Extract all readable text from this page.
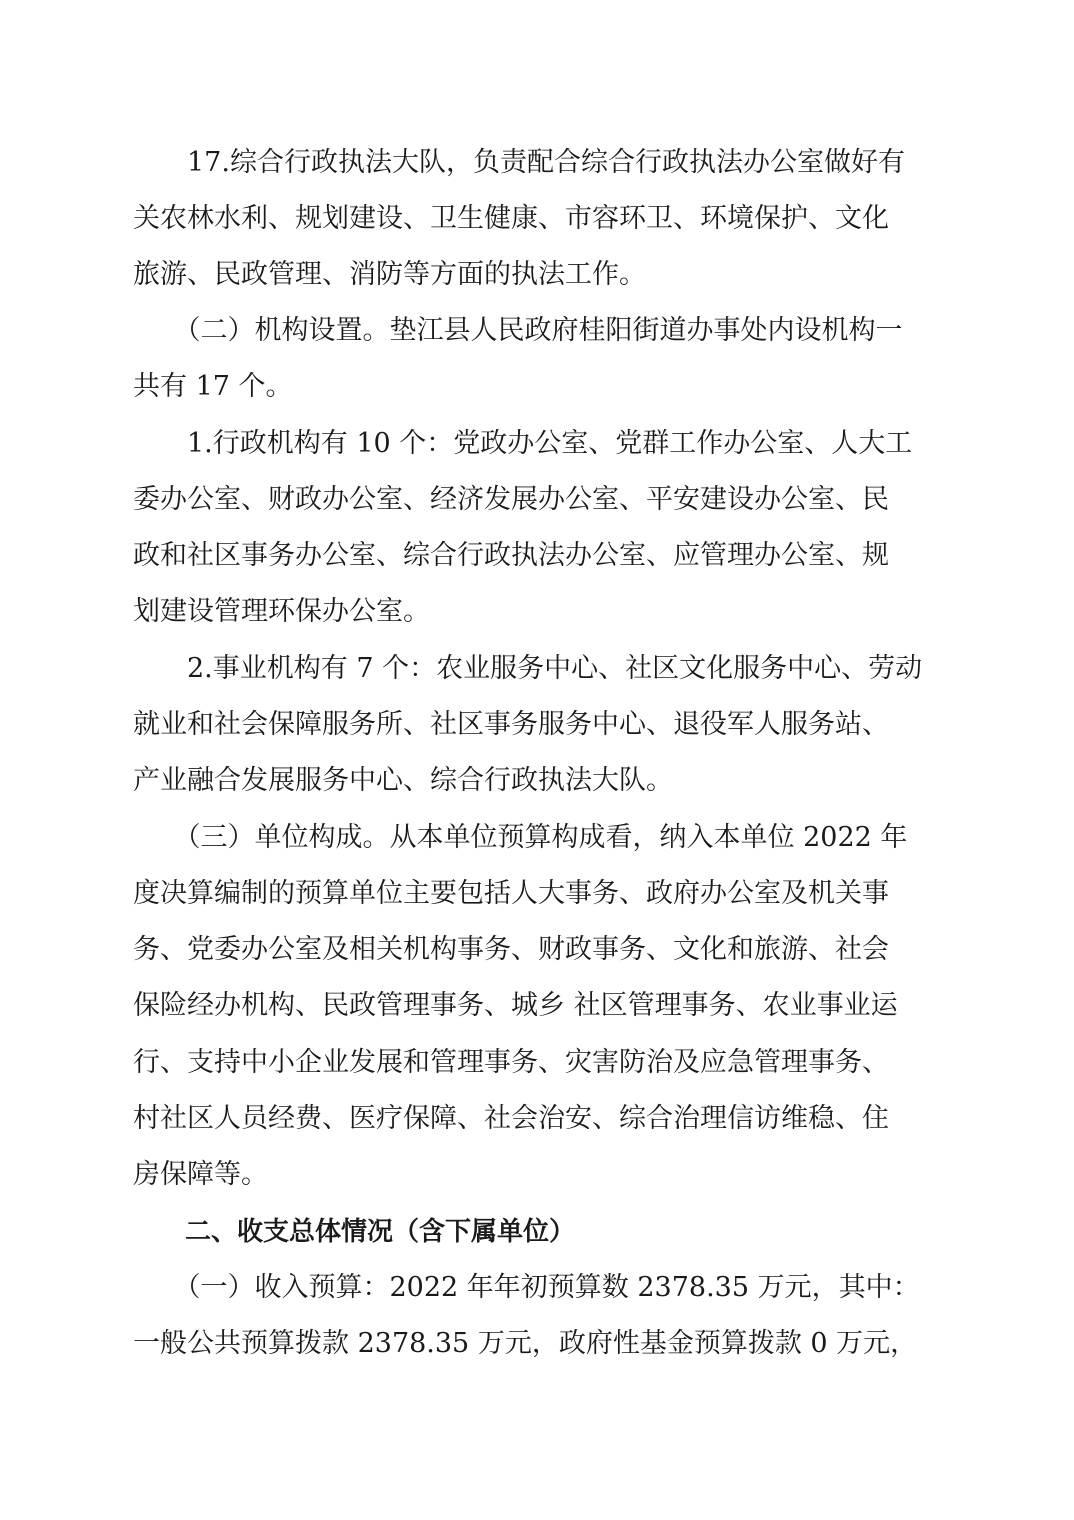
　　17.综合行政执法大队，负责配合综合行政执法办公室做好有
关农林水利、规划建设、卫生健康、市容环卫、环境保护、文化
旅游、民政管理、消防等方面的执法工作。
　　（二）机构设置。垫江县人民政府桂阳街道办事处内设机构一
共有 17 个。
　　1.行政机构有 10 个：党政办公室、党群工作办公室、人大工
委办公室、财政办公室、经济发展办公室、平安建设办公室、民
政和社区事务办公室、综合行政执法办公室、应管理办公室、规
划建设管理环保办公室。
　　2.事业机构有 7 个：农业服务中心、社区文化服务中心、劳动
就业和社会保障服务所、社区事务服务中心、退役军人服务站、
产业融合发展服务中心、综合行政执法大队。
　　（三）单位构成。从本单位预算构成看，纳入本单位 2022 年
度决算编制的预算单位主要包括人大事务、政府办公室及机关事
务、党委办公室及相关机构事务、财政事务、文化和旅游、社会
保险经办机构、民政管理事务、城乡 社区管理事务、农业事业运
行、支持中小企业发展和管理事务、灾害防治及应急管理事务、
村社区人员经费、医疗保障、社会治安、综合治理信访维稳、住
房保障等。
　　二、收支总体情况（含下属单位）
　　（一）收入预算：2022 年年初预算数 2378.35 万元，其中：
一般公共预算拨款 2378.35 万元，政府性基金预算拨款 0 万元，
